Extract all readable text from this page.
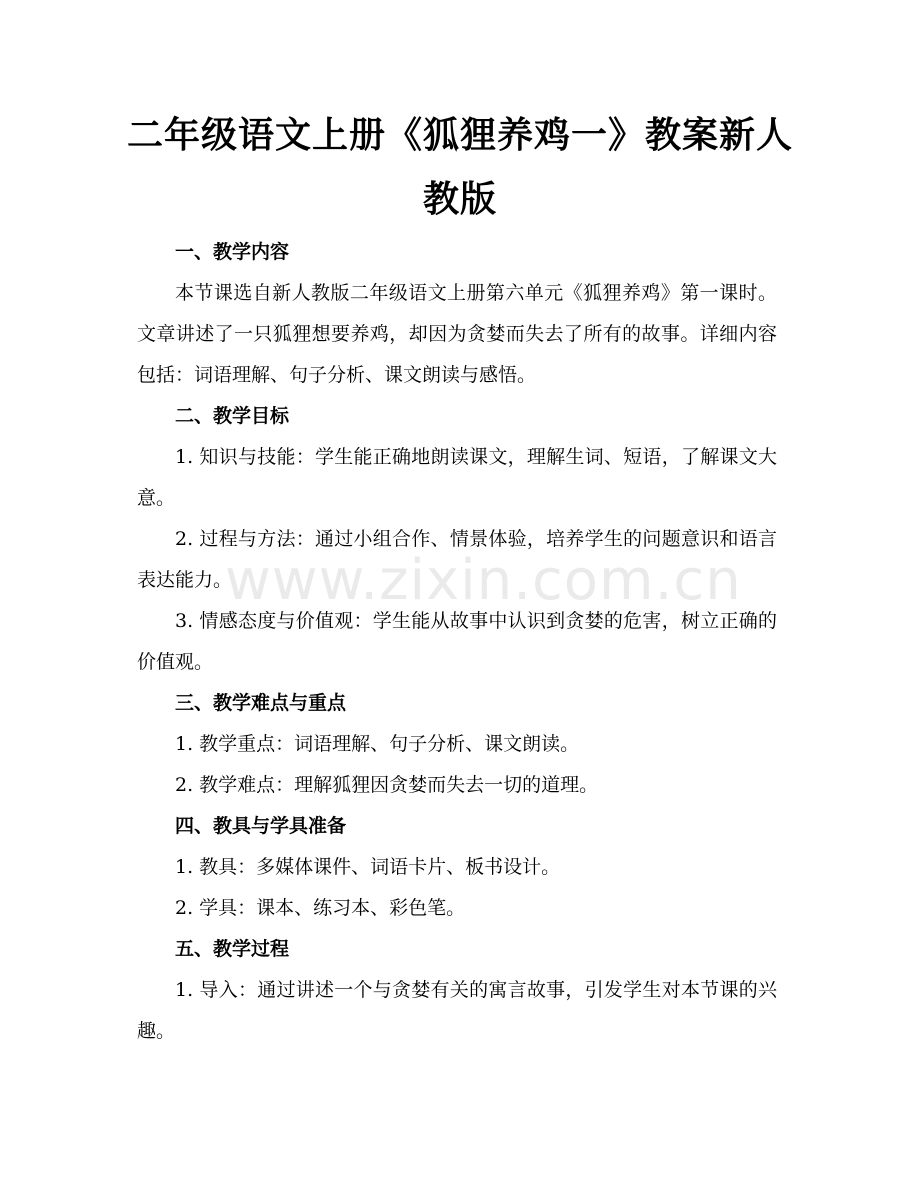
二年级语文上册《狐狸养鸡一》教案新人教版

一、教学内容

本节课选自新人教版二年级语文上册第六单元《狐狸养鸡》第一课时。文章讲述了一只狐狸想要养鸡，却因为贪婪而失去了所有的故事。详细内容包括：词语理解、句子分析、课文朗读与感悟。

二、教学目标

1. 知识与技能：学生能正确地朗读课文，理解生词、短语，了解课文大意。

2. 过程与方法：通过小组合作、情景体验，培养学生的问题意识和语言表达能力。

3. 情感态度与价值观：学生能从故事中认识到贪婪的危害，树立正确的价值观。

三、教学难点与重点

1. 教学重点：词语理解、句子分析、课文朗读。

2. 教学难点：理解狐狸因贪婪而失去一切的道理。

四、教具与学具准备

1. 教具：多媒体课件、词语卡片、板书设计。

2. 学具：课本、练习本、彩色笔。

五、教学过程

1. 导入：通过讲述一个与贪婪有关的寓言故事，引发学生对本节课的兴趣。

www.zixin.com.cn
